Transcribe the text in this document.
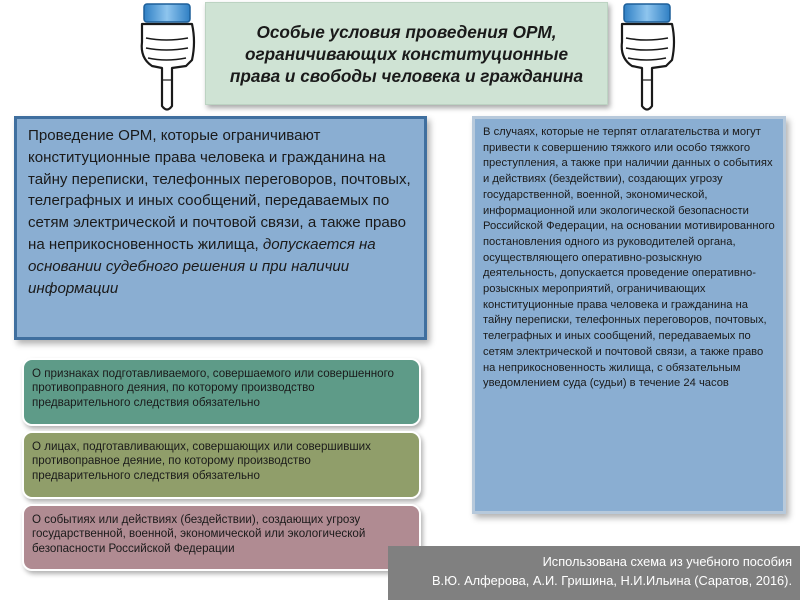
Особые условия проведения ОРМ, ограничивающих конституционные права и свободы человека и гражданина
Проведение ОРМ, которые ограничивают конституционные права человека и гражданина на тайну переписки, телефонных переговоров, почтовых, телеграфных и иных сообщений, передаваемых по сетям электрической и почтовой связи, а также право на неприкосновенность жилища, допускается на основании судебного решения и при наличии информации
В случаях, которые не терпят отлагательства и могут привести к совершению тяжкого или особо тяжкого преступления, а также при наличии данных о событиях и действиях (бездействии), создающих угрозу государственной, военной, экономической, информационной или экологической безопасности Российской Федерации, на основании мотивированного постановления одного из руководителей органа, осуществляющего оперативно-розыскную деятельность, допускается проведение оперативно-розыскных мероприятий, ограничивающих конституционные права человека и гражданина на тайну переписки, телефонных переговоров, почтовых, телеграфных и иных сообщений, передаваемых по сетям электрической и почтовой связи, а также право на неприкосновенность жилища, с обязательным уведомлением суда (судьи) в течение 24 часов
О признаках подготавливаемого, совершаемого или совершенного противоправного деяния, по которому производство предварительного следствия обязательно
О лицах, подготавливающих, совершающих или совершивших противоправное деяние, по которому производство предварительного следствия обязательно
О событиях или действиях (бездействии), создающих угрозу государственной, военной, экономической или экологической безопасности Российской Федерации
Использована схема из учебного пособия
В.Ю. Алферова, А.И. Гришина, Н.И.Ильина (Саратов, 2016).
